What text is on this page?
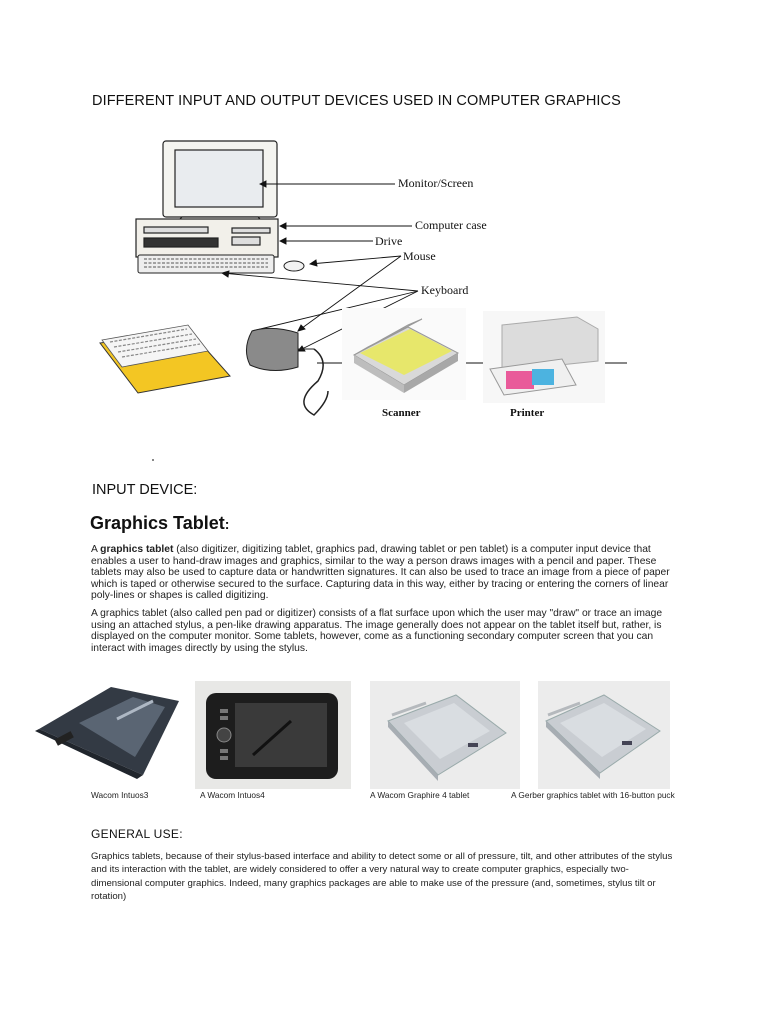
DIFFERENT INPUT AND OUTPUT DEVICES USED IN COMPUTER GRAPHICS
Monitor/Screen
Computer case
Drive
Mouse
Keyboard
Scanner	Printer
INPUT DEVICE:
Graphics Tablet:
A graphics tablet (also digitizer, digitizing tablet, graphics pad, drawing tablet or pen tablet) is a computer input device that enables a user to hand-draw images and graphics, similar to the way a person draws images with a pencil and paper. These tablets may also be used to capture data or handwritten signatures. It can also be used to trace an image from a piece of paper which is taped or otherwise secured to the surface. Capturing data in this way, either by tracing or entering the corners of linear poly-lines or shapes is called digitizing.
A graphics tablet (also called pen pad or digitizer) consists of a flat surface upon which the user may "draw" or trace an image using an attached stylus, a pen-like drawing apparatus. The image generally does not appear on the tablet itself but, rather, is displayed on the computer monitor. Some tablets, however, come as a functioning secondary computer screen that you can interact with images directly by using the stylus.
Wacom Intuos3	A Wacom Intuos4	A Wacom Graphire 4 tablet	A Gerber graphics tablet with 16-button puck
GENERAL USE:
Graphics tablets, because of their stylus-based interface and ability to detect some or all of pressure, tilt, and other attributes of the stylus and its interaction with the tablet, are widely considered to offer a very natural way to create computer graphics, especially two-dimensional computer graphics. Indeed, many graphics packages are able to make use of the pressure (and, sometimes, stylus tilt or rotation)
